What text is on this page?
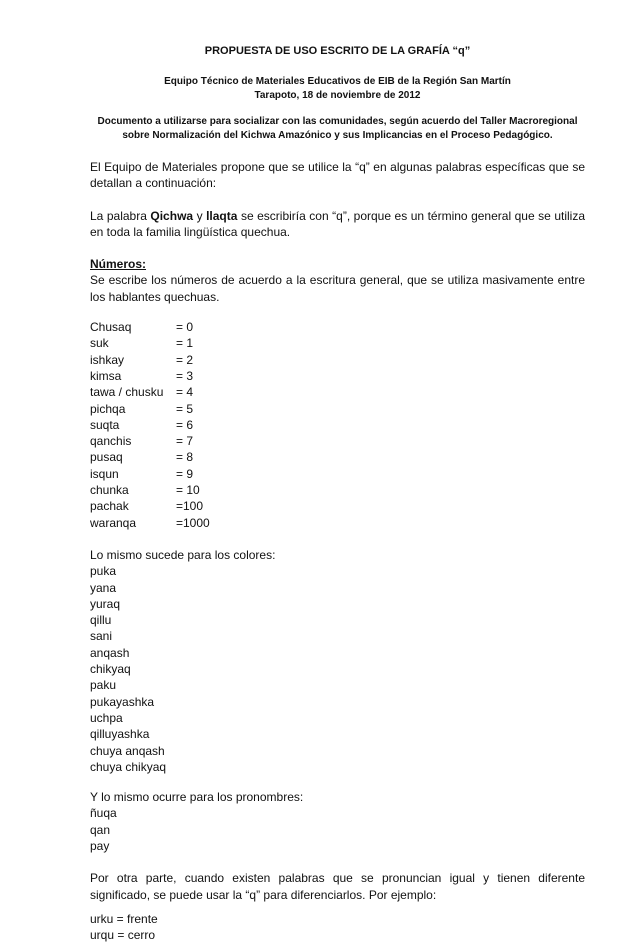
PROPUESTA DE USO ESCRITO DE LA GRAFÍA “q”
Equipo Técnico de Materiales Educativos de EIB de la Región San Martín
Tarapoto, 18 de noviembre de 2012
Documento a utilizarse para socializar con las comunidades, según acuerdo del Taller Macroregional sobre Normalización del Kichwa Amazónico y sus Implicancias en el Proceso Pedagógico.

El Equipo de Materiales propone que se utilice la “q” en algunas palabras específicas que se detallan a continuación:

La palabra Qichwa y llaqta se escribiría con “q”, porque es un término general que se utiliza en toda la familia lingüística quechua.

Números:
Se escribe los números de acuerdo a la escritura general, que se utiliza masivamente entre los hablantes quechuas.

Chusaq	= 0
suk	= 1
ishkay	= 2
kimsa	= 3
tawa / chusku	= 4
pichqa	= 5
suqta	= 6
qanchis	= 7
pusaq	= 8
isqun	= 9
chunka	= 10
pachak	=100
waranqa	=1000

Lo mismo sucede para los colores:

puka
yana
yuraq
qillu
sani
anqash
chikyaq
paku
pukayashka
uchpa
qilluyashka
chuya anqash
chuya chikyaq

Y lo mismo ocurre para los pronombres:

ñuqa
qan
pay

Por otra parte, cuando existen palabras que se pronuncian igual y tienen diferente significado, se puede usar la “q” para diferenciarlos. Por ejemplo:

urku = frente
urqu = cerro
